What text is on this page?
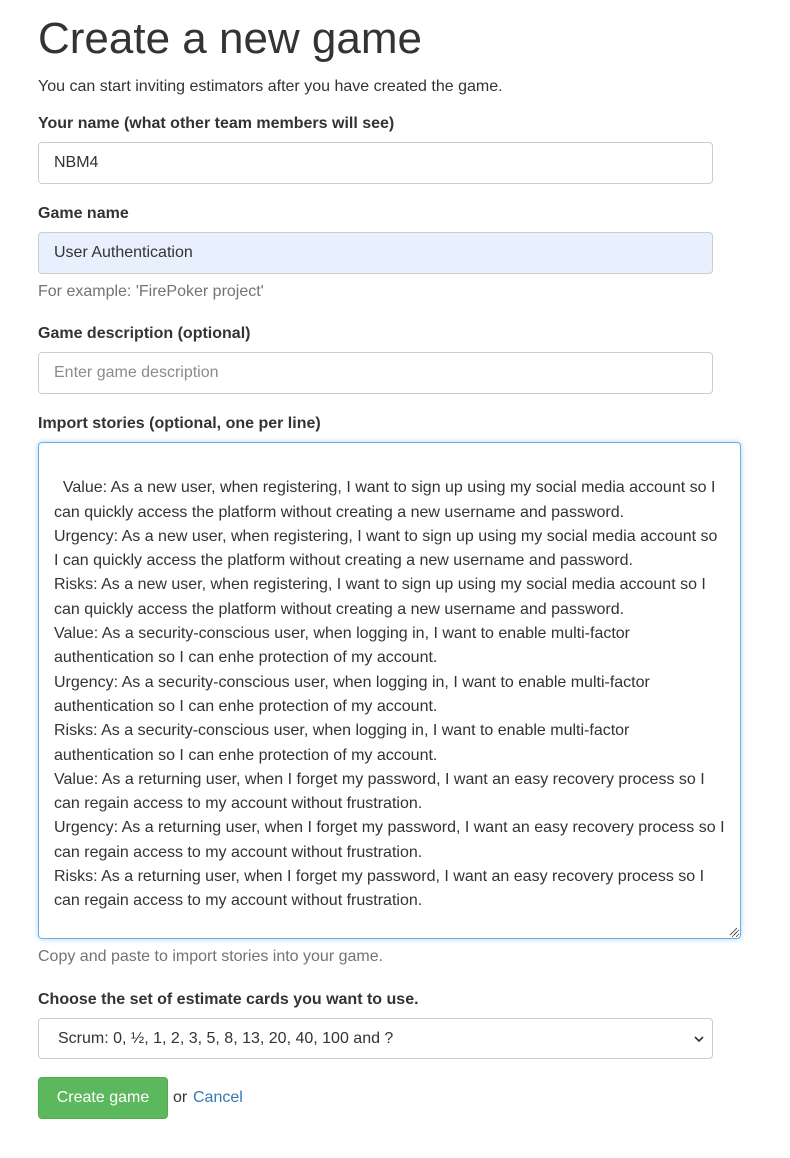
Create a new game
You can start inviting estimators after you have created the game.
Your name (what other team members will see)
NBM4
Game name
User Authentication
For example: 'FirePoker project'
Game description (optional)
Enter game description
Import stories (optional, one per line)

Value: As a new user, when registering, I want to sign up using my social media account so I can quickly access the platform without creating a new username and password.
Urgency: As a new user, when registering, I want to sign up using my social media account so I can quickly access the platform without creating a new username and password.
Risks: As a new user, when registering, I want to sign up using my social media account so I can quickly access the platform without creating a new username and password.
Value: As a security-conscious user, when logging in, I want to enable multi-factor authentication so I can enhe protection of my account.
Urgency: As a security-conscious user, when logging in, I want to enable multi-factor authentication so I can enhe protection of my account.
Risks: As a security-conscious user, when logging in, I want to enable multi-factor authentication so I can enhe protection of my account.
Value: As a returning user, when I forget my password, I want an easy recovery process so I can regain access to my account without frustration.
Urgency: As a returning user, when I forget my password, I want an easy recovery process so I can regain access to my account without frustration.
Risks: As a returning user, when I forget my password, I want an easy recovery process so I can regain access to my account without frustration.

Copy and paste to import stories into your game.
Choose the set of estimate cards you want to use.
Scrum: 0, ½, 1, 2, 3, 5, 8, 13, 20, 40, 100 and ?
Create game	or Cancel
